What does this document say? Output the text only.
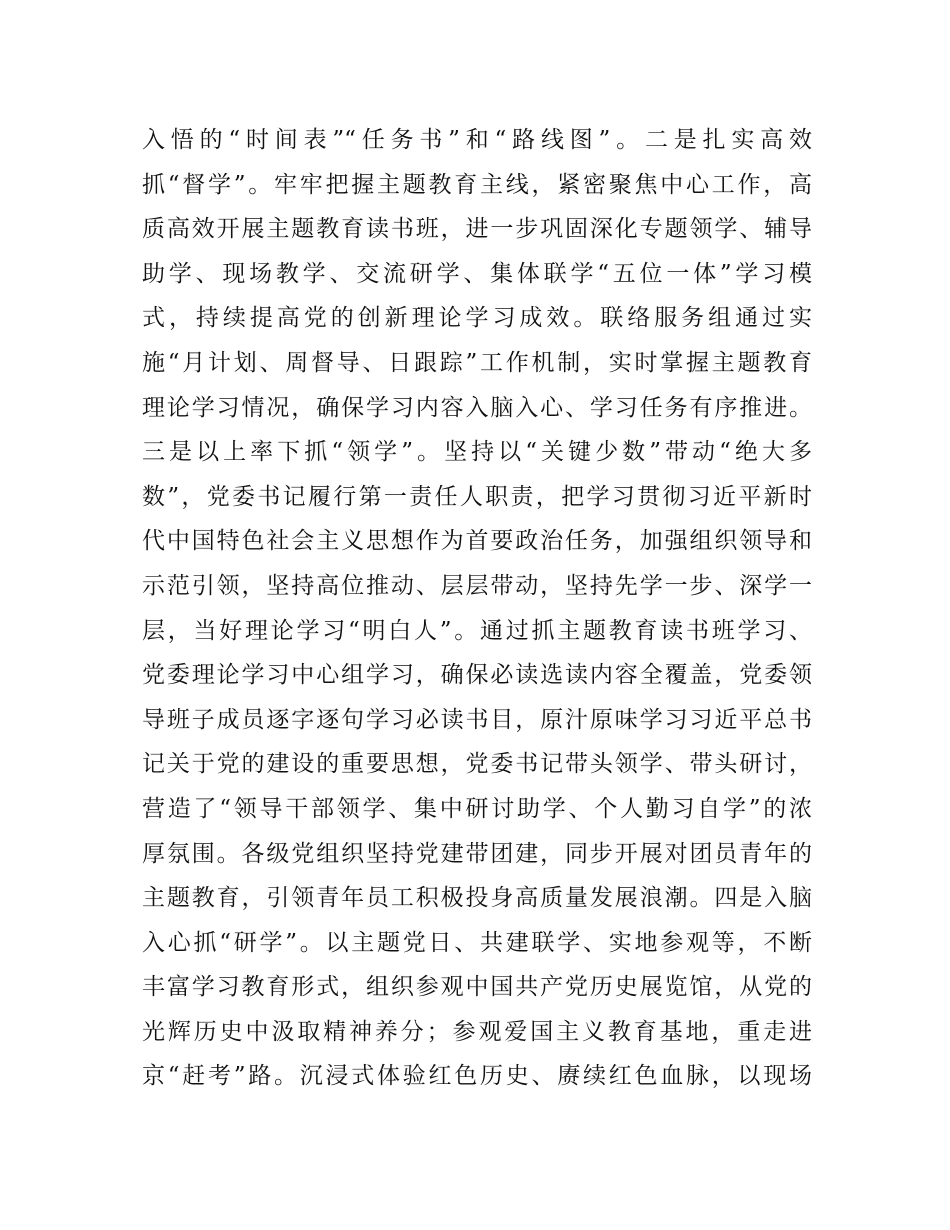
入悟的“时间表”“任务书”和“路线图”。二是扎实高效
抓“督学”。牢牢把握主题教育主线，紧密聚焦中心工作，高
质高效开展主题教育读书班，进一步巩固深化专题领学、辅导
助学、现场教学、交流研学、集体联学“五位一体”学习模
式，持续提高党的创新理论学习成效。联络服务组通过实
施“月计划、周督导、日跟踪”工作机制，实时掌握主题教育
理论学习情况，确保学习内容入脑入心、学习任务有序推进。
三是以上率下抓“领学”。坚持以“关键少数”带动“绝大多
数”，党委书记履行第一责任人职责，把学习贯彻习近平新时
代中国特色社会主义思想作为首要政治任务，加强组织领导和
示范引领，坚持高位推动、层层带动，坚持先学一步、深学一
层，当好理论学习“明白人”。通过抓主题教育读书班学习、
党委理论学习中心组学习，确保必读选读内容全覆盖，党委领
导班子成员逐字逐句学习必读书目，原汁原味学习习近平总书
记关于党的建设的重要思想，党委书记带头领学、带头研讨，
营造了“领导干部领学、集中研讨助学、个人勤习自学”的浓
厚氛围。各级党组织坚持党建带团建，同步开展对团员青年的
主题教育，引领青年员工积极投身高质量发展浪潮。四是入脑
入心抓“研学”。以主题党日、共建联学、实地参观等，不断
丰富学习教育形式，组织参观中国共产党历史展览馆，从党的
光辉历史中汲取精神养分；参观爱国主义教育基地，重走进
京“赶考”路。沉浸式体验红色历史、赓续红色血脉，以现场
